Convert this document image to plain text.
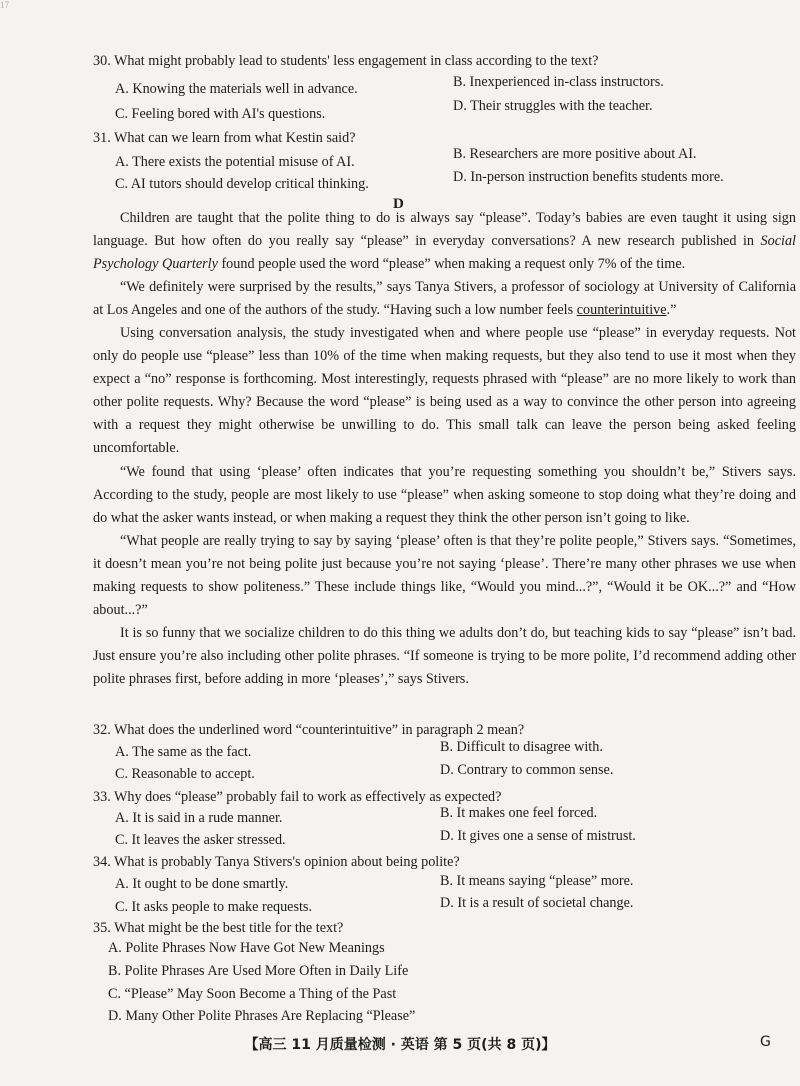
17
30. What might probably lead to students' less engagement in class according to the text?
A. Knowing the materials well in advance.	B. Inexperienced in-class instructors.
C. Feeling bored with AI's questions.	D. Their struggles with the teacher.
31. What can we learn from what Kestin said?
A. There exists the potential misuse of AI.	B. Researchers are more positive about AI.
C. AI tutors should develop critical thinking.	D. In-person instruction benefits students more.
D

Children are taught that the polite thing to do is always say “please”. Today’s babies are even taught it using sign language. But how often do you really say “please” in everyday conversations? A new research published in Social Psychology Quarterly found people used the word “please” when making a request only 7% of the time.

“We definitely were surprised by the results,” says Tanya Stivers, a professor of sociology at University of California at Los Angeles and one of the authors of the study. “Having such a low number feels counterintuitive.”

Using conversation analysis, the study investigated when and where people use “please” in everyday requests. Not only do people use “please” less than 10% of the time when making requests, but they also tend to use it most when they expect a “no” response is forthcoming. Most interestingly, requests phrased with “please” are no more likely to work than other polite requests. Why? Because the word “please” is being used as a way to convince the other person into agreeing with a request they might otherwise be unwilling to do. This small talk can leave the person being asked feeling uncomfortable.

“We found that using ‘please’ often indicates that you’re requesting something you shouldn’t be,” Stivers says. According to the study, people are most likely to use “please” when asking someone to stop doing what they’re doing and do what the asker wants instead, or when making a request they think the other person isn’t going to like.

“What people are really trying to say by saying ‘please’ often is that they’re polite people,” Stivers says. “Sometimes, it doesn’t mean you’re not being polite just because you’re not saying ‘please’. There’re many other phrases we use when making requests to show politeness.” These include things like, “Would you mind...?”, “Would it be OK...?” and “How about...?”

It is so funny that we socialize children to do this thing we adults don’t do, but teaching kids to say “please” isn’t bad. Just ensure you’re also including other polite phrases. “If someone is trying to be more polite, I’d recommend adding other polite phrases first, before adding in more ‘pleases’,” says Stivers.

32. What does the underlined word “counterintuitive” in paragraph 2 mean?
A. The same as the fact.	B. Difficult to disagree with.
C. Reasonable to accept.	D. Contrary to common sense.
33. Why does “please” probably fail to work as effectively as expected?
A. It is said in a rude manner.	B. It makes one feel forced.
C. It leaves the asker stressed.	D. It gives one a sense of mistrust.
34. What is probably Tanya Stivers's opinion about being polite?
A. It ought to be done smartly.	B. It means saying “please” more.
C. It asks people to make requests.	D. It is a result of societal change.
35. What might be the best title for the text?
A. Polite Phrases Now Have Got New Meanings
B. Polite Phrases Are Used More Often in Daily Life
C. “Please” May Soon Become a Thing of the Past
D. Many Other Polite Phrases Are Replacing “Please”
【高三 11 月质量检测 · 英语 第 5 页(共 8 页)】	G
